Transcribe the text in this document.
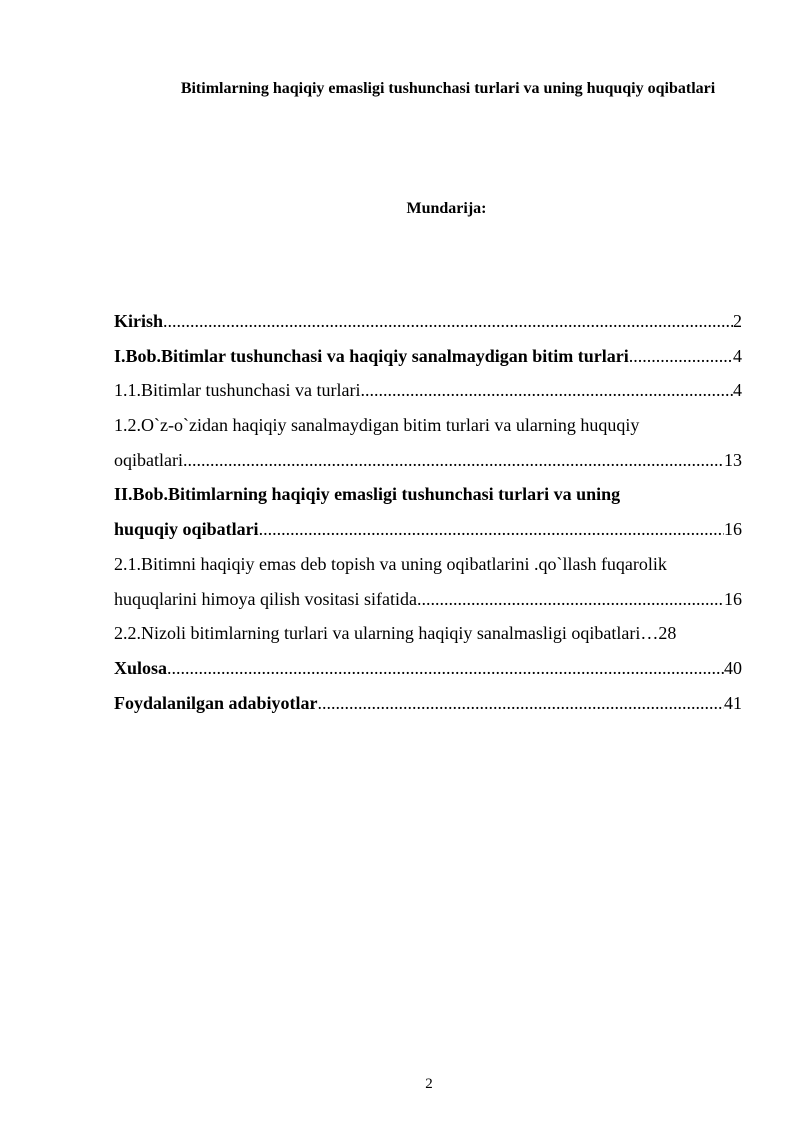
Bitimlarning haqiqiy emasligi tushunchasi turlari va uning huquqiy oqibatlari
Mundarija:
Kirish .....	2
I.Bob.Bitimlar tushunchasi va haqiqiy sanalmaydigan bitim turlari .....	4
1.1.Bitimlar tushunchasi va turlari .....	4
1.2.O`z-o`zidan haqiqiy sanalmaydigan bitim turlari va ularning huquqiy
oqibatlari .....	13
II.Bob.Bitimlarning haqiqiy emasligi tushunchasi turlari va uning
huquqiy oqibatlari .....	16
2.1.Bitimni haqiqiy emas deb topish va uning oqibatlarini .qo`llash fuqarolik
huquqlarini himoya qilish vositasi sifatida .....	16
2.2.Nizoli bitimlarning turlari va ularning haqiqiy sanalmasligi oqibatlari… 28
Xulosa .....	40
Foydalanilgan adabiyotlar .....	41
2
